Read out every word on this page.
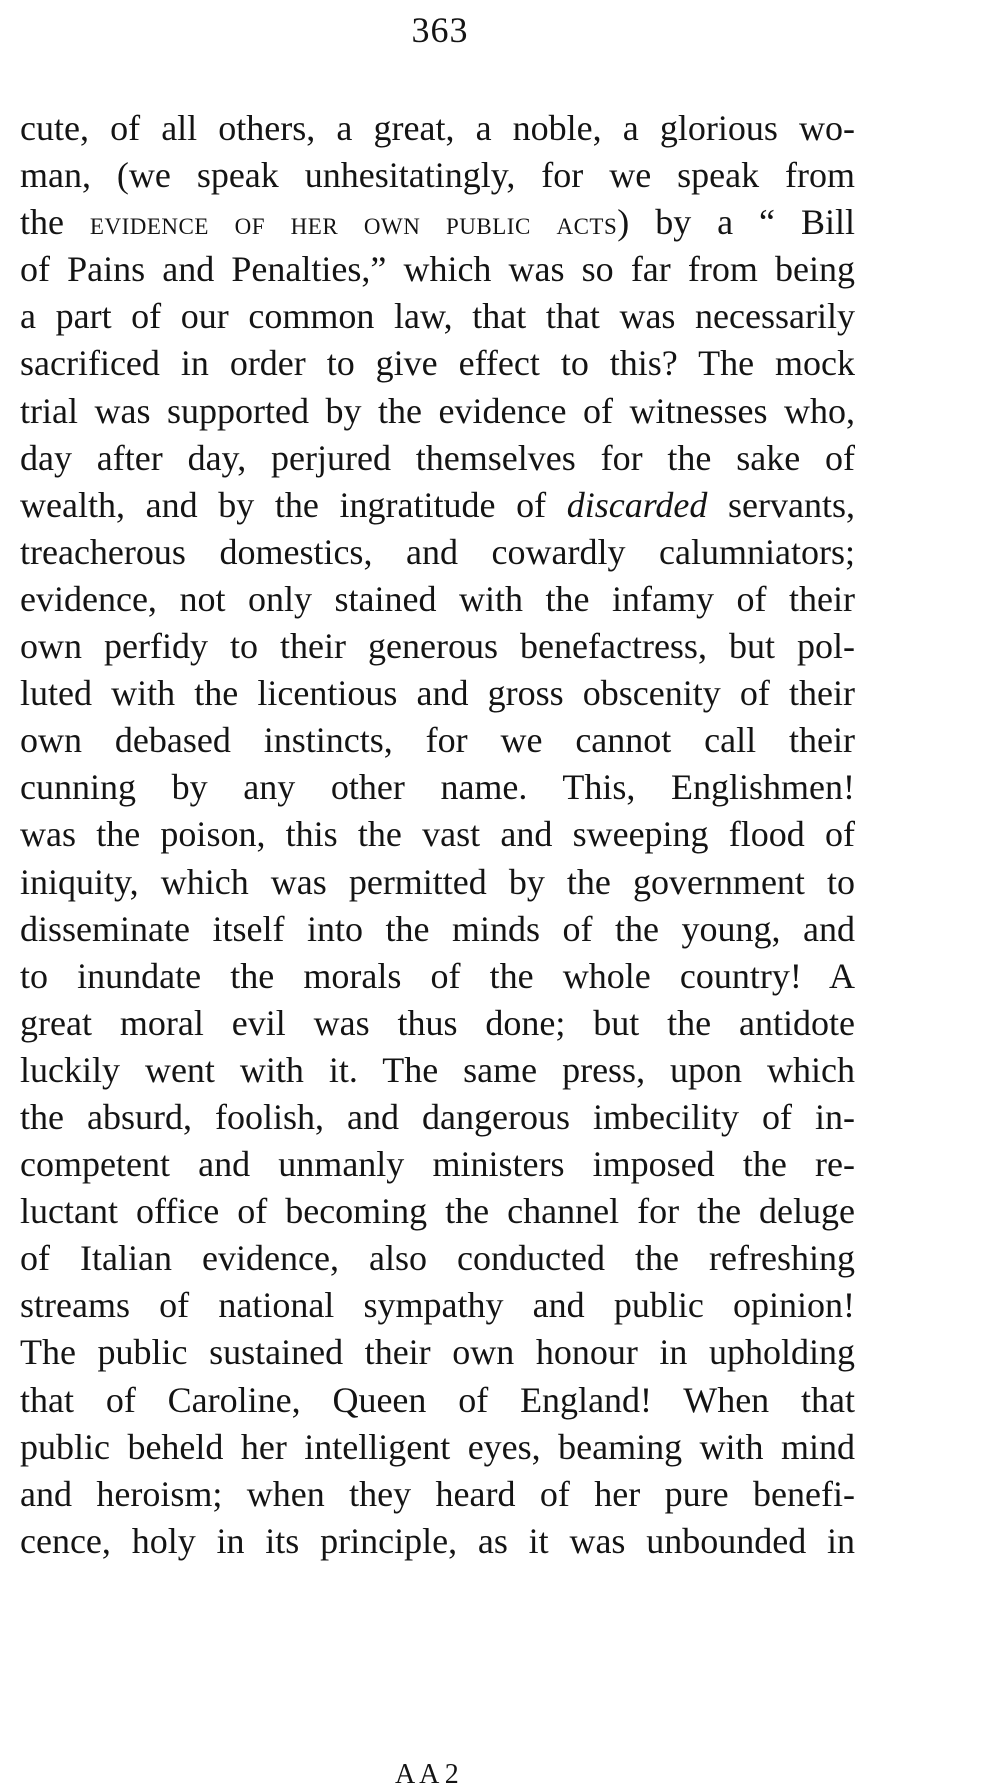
363
cute, of all others, a great, a noble, a glorious wo-
man, (we speak unhesitatingly, for we speak from
the evidence of her own public acts) by a “ Bill
of Pains and Penalties,” which was so far from being
a part of our common law, that that was necessarily
sacrificed in order to give effect to this? The mock
trial was supported by the evidence of witnesses who,
day after day, perjured themselves for the sake of
wealth, and by the ingratitude of discarded servants,
treacherous domestics, and cowardly calumniators;
evidence, not only stained with the infamy of their
own perfidy to their generous benefactress, but pol-
luted with the licentious and gross obscenity of their
own debased instincts, for we cannot call their
cunning by any other name. This, Englishmen!
was the poison, this the vast and sweeping flood of
iniquity, which was permitted by the government to
disseminate itself into the minds of the young, and
to inundate the morals of the whole country! A
great moral evil was thus done; but the antidote
luckily went with it. The same press, upon which
the absurd, foolish, and dangerous imbecility of in-
competent and unmanly ministers imposed the re-
luctant office of becoming the channel for the deluge
of Italian evidence, also conducted the refreshing
streams of national sympathy and public opinion!
The public sustained their own honour in upholding
that of Caroline, Queen of England! When that
public beheld her intelligent eyes, beaming with mind
and heroism; when they heard of her pure benefi-
cence, holy in its principle, as it was unbounded in
A A 2
